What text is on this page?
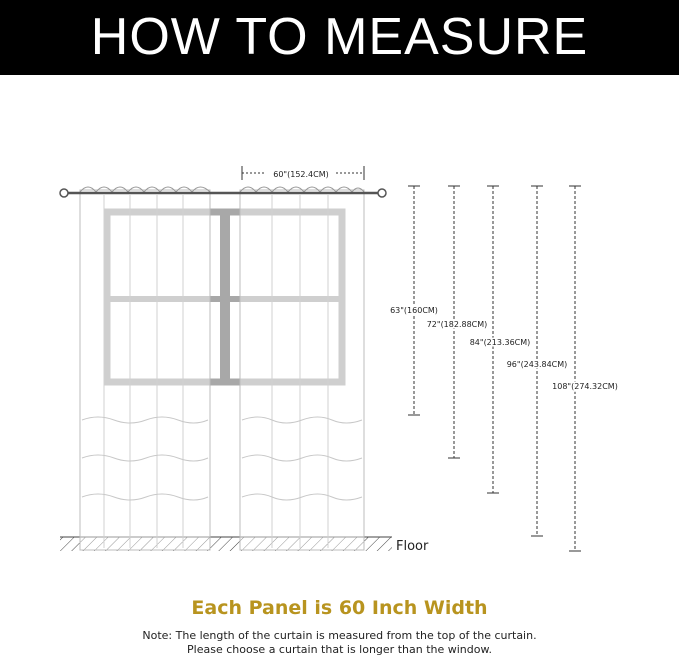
HOW TO MEASURE
Floor
60"(152.4CM)
63"(160CM)
72"(182.88CM)
84"(213.36CM)
96"(243.84CM)
108"(274.32CM)
Each Panel is 60 Inch Width
Note: The length of the curtain is measured from the top of the curtain.
Please choose a curtain that is longer than the window.
